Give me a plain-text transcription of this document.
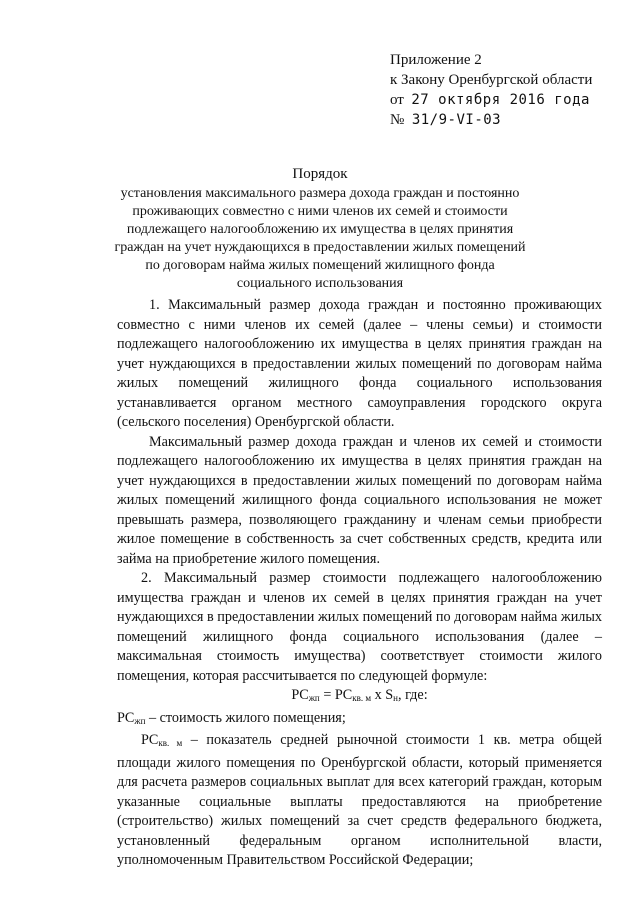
Приложение 2
к Закону Оренбургской области
от 27 октября 2016 года
№ 31/9-VI-03
Порядок
установления максимального размера дохода граждан и постоянно проживающих совместно с ними членов их семей и стоимости подлежащего налогообложению их имущества в целях принятия граждан на учет нуждающихся в предоставлении жилых помещений по договорам найма жилых помещений жилищного фонда социального использования

1. Максимальный размер дохода граждан и постоянно проживающих совместно с ними членов их семей (далее – члены семьи) и стоимости подлежащего налогообложению их имущества в целях принятия граждан на учет нуждающихся в предоставлении жилых помещений по договорам найма жилых помещений жилищного фонда социального использования устанавливается органом местного самоуправления городского округа (сельского поселения) Оренбургской области.

Максимальный размер дохода граждан и членов их семей и стоимости подлежащего налогообложению их имущества в целях принятия граждан на учет нуждающихся в предоставлении жилых помещений по договорам найма жилых помещений жилищного фонда социального использования не может превышать размера, позволяющего гражданину и членам семьи приобрести жилое помещение в собственность за счет собственных средств, кредита или займа на приобретение жилого помещения.

2. Максимальный размер стоимости подлежащего налогообложению имущества граждан и членов их семей в целях принятия граждан на учет нуждающихся в предоставлении жилых помещений по договорам найма жилых помещений жилищного фонда социального использования (далее – максимальная стоимость имущества) соответствует стоимости жилого помещения, которая рассчитывается по следующей формуле:

$PC_{жп} = PC_{кв. м}$ x $S_н$, где:

$PC_{жп}$ – стоимость жилого помещения;

$PC_{кв. м}$ – показатель средней рыночной стоимости 1 кв. метра общей площади жилого помещения по Оренбургской области, который применяется для расчета размеров социальных выплат для всех категорий граждан, которым указанные социальные выплаты предоставляются на приобретение (строительство) жилых помещений за счет средств федерального бюджета, установленный федеральным органом исполнительной власти, уполномоченным Правительством Российской Федерации;
